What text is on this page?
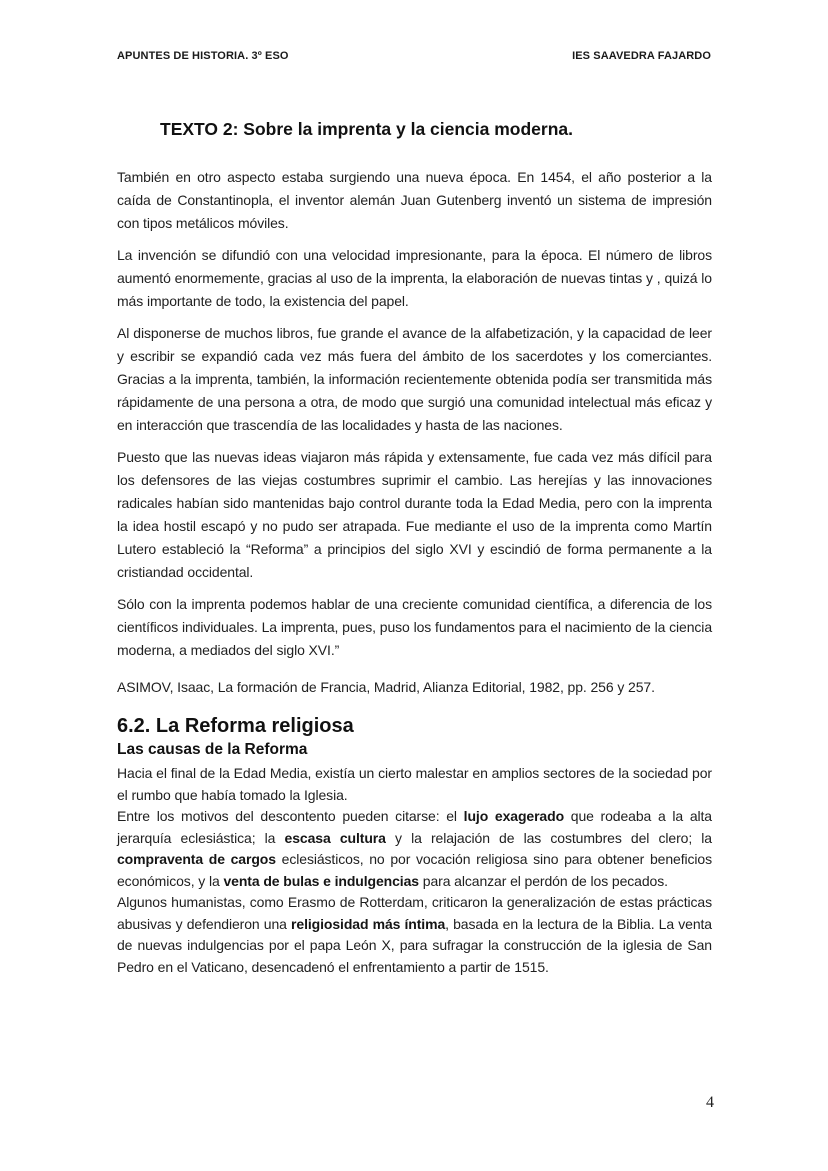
APUNTES DE HISTORIA. 3º ESO	IES SAAVEDRA FAJARDO
TEXTO 2: Sobre la imprenta y la ciencia moderna.

También en otro aspecto estaba surgiendo una nueva época. En 1454, el año posterior a la caída de Constantinopla, el inventor alemán Juan Gutenberg inventó un sistema de impresión con tipos metálicos móviles.

La invención se difundió con una velocidad impresionante, para la época. El número de libros aumentó enormemente, gracias al uso de la imprenta, la elaboración de nuevas tintas y , quizá lo más importante de todo, la existencia del papel.

Al disponerse de muchos libros, fue grande el avance de la alfabetización, y la capacidad de leer y escribir se expandió cada vez más fuera del ámbito de los sacerdotes y los comerciantes. Gracias a la imprenta, también, la información recientemente obtenida podía ser transmitida más rápidamente de una persona a otra, de modo que surgió una comunidad intelectual más eficaz y en interacción que trascendía de las localidades y hasta de las naciones.

Puesto que las nuevas ideas viajaron más rápida y extensamente, fue cada vez más difícil para los defensores de las viejas costumbres suprimir el cambio. Las herejías y las innovaciones radicales habían sido mantenidas bajo control durante toda la Edad Media, pero con la imprenta la idea hostil escapó y no pudo ser atrapada. Fue mediante el uso de la imprenta como Martín Lutero estableció la “Reforma” a principios del siglo XVI y escindió de forma permanente a la cristiandad occidental.

Sólo con la imprenta podemos hablar de una creciente comunidad científica, a diferencia de los científicos individuales. La imprenta, pues, puso los fundamentos para el nacimiento de la ciencia moderna, a mediados del siglo XVI.”

ASIMOV, Isaac, La formación de Francia, Madrid, Alianza Editorial, 1982, pp. 256 y 257.

6.2. La Reforma religiosa
Las causas de la Reforma

Hacia el final de la Edad Media, existía un cierto malestar en amplios sectores de la sociedad por el rumbo que había tomado la Iglesia.

Entre los motivos del descontento pueden citarse: el lujo exagerado que rodeaba a la alta jerarquía eclesiástica; la escasa cultura y la relajación de las costumbres del clero; la compraventa de cargos eclesiásticos, no por vocación religiosa sino para obtener beneficios económicos, y la venta de bulas e indulgencias para alcanzar el perdón de los pecados.

Algunos humanistas, como Erasmo de Rotterdam, criticaron la generalización de estas prácticas abusivas y defendieron una religiosidad más íntima, basada en la lectura de la Biblia. La venta de nuevas indulgencias por el papa León X, para sufragar la construcción de la iglesia de San Pedro en el Vaticano, desencadenó el enfrentamiento a partir de 1515.

4
